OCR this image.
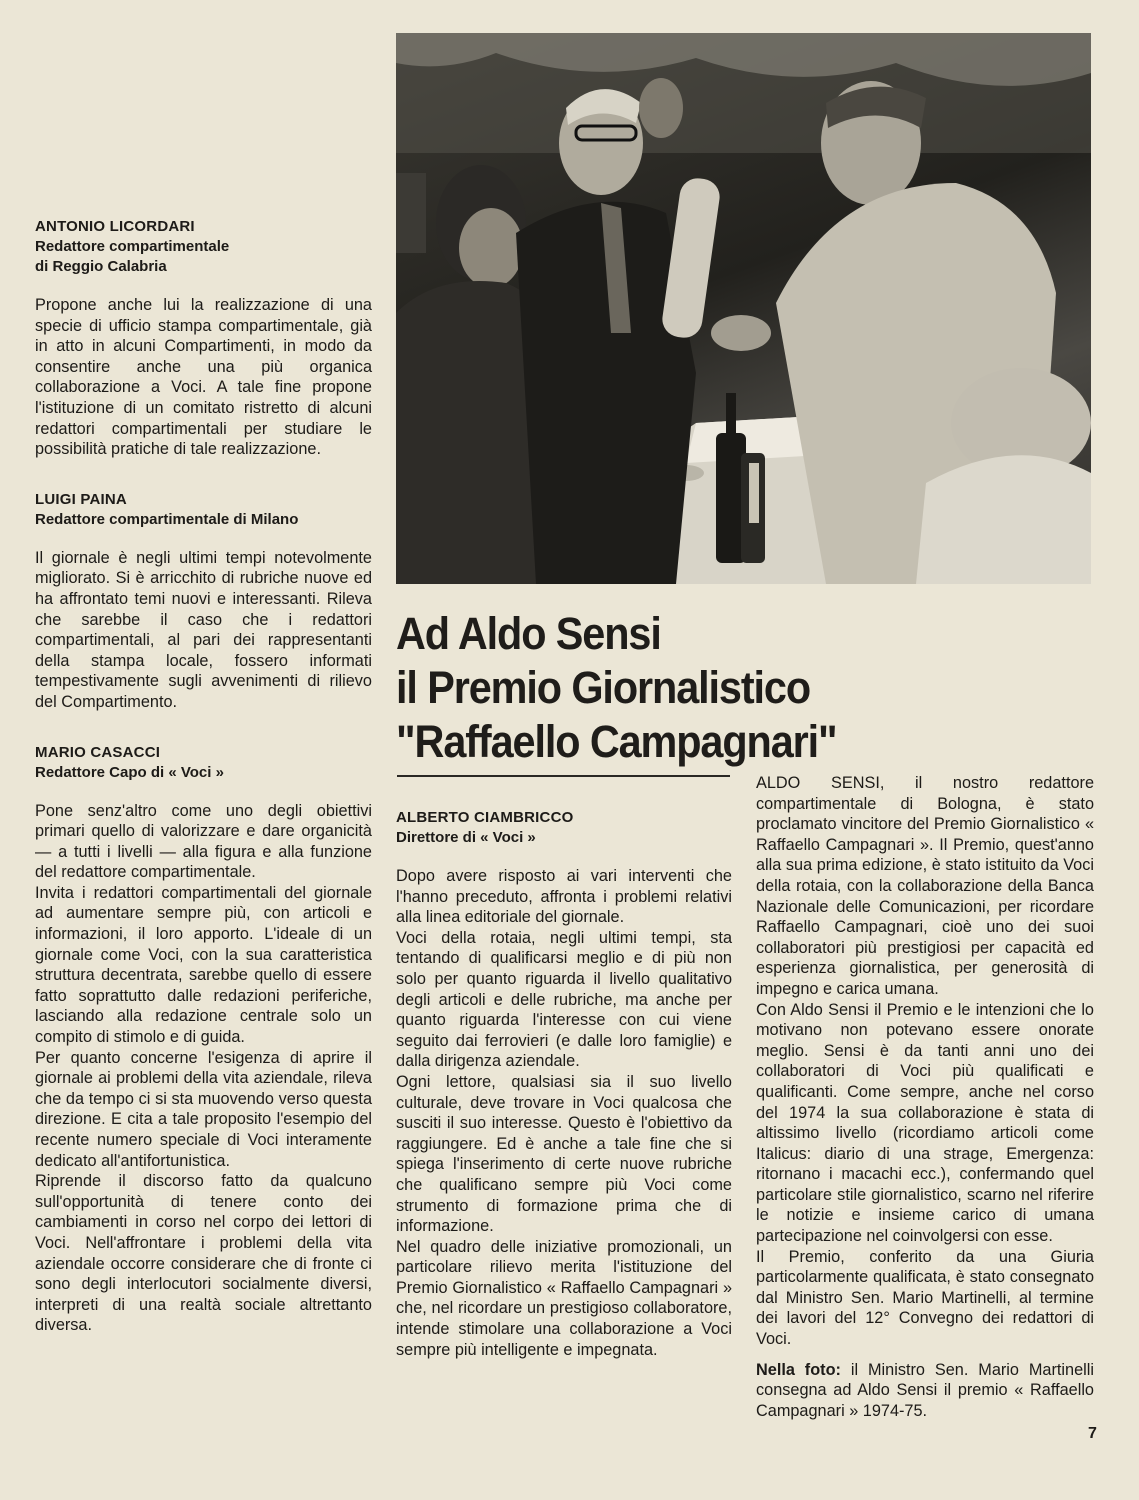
ANTONIO LICORDARI
Redattore compartimentale
di Reggio Calabria

Propone anche lui la realizzazione di una specie di ufficio stampa compartimentale, già in atto in alcuni Compartimenti, in modo da consentire anche una più organica collaborazione a Voci. A tale fine propone l'istituzione di un comitato ristretto di alcuni redattori compartimentali per studiare le possibilità pratiche di tale realizzazione.

LUIGI PAINA
Redattore compartimentale di Milano

Il giornale è negli ultimi tempi notevolmente migliorato. Si è arricchito di rubriche nuove ed ha affrontato temi nuovi e interessanti. Rileva che sarebbe il caso che i redattori compartimentali, al pari dei rappresentanti della stampa locale, fossero informati tempestivamente sugli avvenimenti di rilievo del Compartimento.

MARIO CASACCI
Redattore Capo di « Voci »

Pone senz'altro come uno degli obiettivi primari quello di valorizzare e dare organicità — a tutti i livelli — alla figura e alla funzione del redattore compartimentale.

Invita i redattori compartimentali del giornale ad aumentare sempre più, con articoli e informazioni, il loro apporto. L'ideale di un giornale come Voci, con la sua caratteristica struttura decentrata, sarebbe quello di essere fatto soprattutto dalle redazioni periferiche, lasciando alla redazione centrale solo un compito di stimolo e di guida.

Per quanto concerne l'esigenza di aprire il giornale ai problemi della vita aziendale, rileva che da tempo ci si sta muovendo verso questa direzione. E cita a tale proposito l'esempio del recente numero speciale di Voci interamente dedicato all'antifortunistica.

Riprende il discorso fatto da qualcuno sull'opportunità di tenere conto dei cambiamenti in corso nel corpo dei lettori di Voci. Nell'affrontare i problemi della vita aziendale occorre considerare che di fronte ci sono degli interlocutori socialmente diversi, interpreti di una realtà sociale altrettanto diversa.

Ad Aldo Sensi
il Premio Giornalistico
"Raffaello Campagnari"
ALBERTO CIAMBRICCO
Direttore di « Voci »

Dopo avere risposto ai vari interventi che l'hanno preceduto, affronta i problemi relativi alla linea editoriale del giornale.

Voci della rotaia, negli ultimi tempi, sta tentando di qualificarsi meglio e di più non solo per quanto riguarda il livello qualitativo degli articoli e delle rubriche, ma anche per quanto riguarda l'interesse con cui viene seguito dai ferrovieri (e dalle loro famiglie) e dalla dirigenza aziendale.

Ogni lettore, qualsiasi sia il suo livello culturale, deve trovare in Voci qualcosa che susciti il suo interesse. Questo è l'obiettivo da raggiungere. Ed è anche a tale fine che si spiega l'inserimento di certe nuove rubriche che qualificano sempre più Voci come strumento di formazione prima che di informazione.

Nel quadro delle iniziative promozionali, un particolare rilievo merita l'istituzione del Premio Giornalistico « Raffaello Campagnari » che, nel ricordare un prestigioso collaboratore, intende stimolare una collaborazione a Voci sempre più intelligente e impegnata.

ALDO SENSI, il nostro redattore compartimentale di Bologna, è stato proclamato vincitore del Premio Giornalistico « Raffaello Campagnari ». Il Premio, quest'anno alla sua prima edizione, è stato istituito da Voci della rotaia, con la collaborazione della Banca Nazionale delle Comunicazioni, per ricordare Raffaello Campagnari, cioè uno dei suoi collaboratori più prestigiosi per capacità ed esperienza giornalistica, per generosità di impegno e carica umana.

Con Aldo Sensi il Premio e le intenzioni che lo motivano non potevano essere onorate meglio. Sensi è da tanti anni uno dei collaboratori di Voci più qualificati e qualificanti. Come sempre, anche nel corso del 1974 la sua collaborazione è stata di altissimo livello (ricordiamo articoli come Italicus: diario di una strage, Emergenza: ritornano i macachi ecc.), confermando quel particolare stile giornalistico, scarno nel riferire le notizie e insieme carico di umana partecipazione nel coinvolgersi con esse.

Il Premio, conferito da una Giuria particolarmente qualificata, è stato consegnato dal Ministro Sen. Mario Martinelli, al termine dei lavori del 12° Convegno dei redattori di Voci.

Nella foto: il Ministro Sen. Mario Martinelli consegna ad Aldo Sensi il premio « Raffaello Campagnari » 1974-75.

7
